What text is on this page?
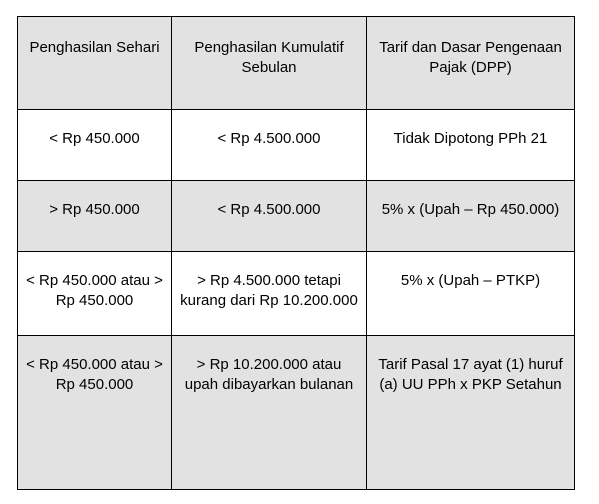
Penghasilan Sehari	Penghasilan Kumulatif Sebulan	Tarif dan Dasar Pengenaan Pajak (DPP)
< Rp 450.000	< Rp 4.500.000	Tidak Dipotong PPh 21
> Rp 450.000	< Rp 4.500.000	5% x (Upah – Rp 450.000)
< Rp 450.000 atau > Rp 450.000	> Rp 4.500.000 tetapi kurang dari Rp 10.200.000	5% x (Upah – PTKP)
< Rp 450.000 atau > Rp 450.000	> Rp 10.200.000 atau upah dibayarkan bulanan	Tarif Pasal 17 ayat (1) huruf (a) UU PPh x PKP Setahun
